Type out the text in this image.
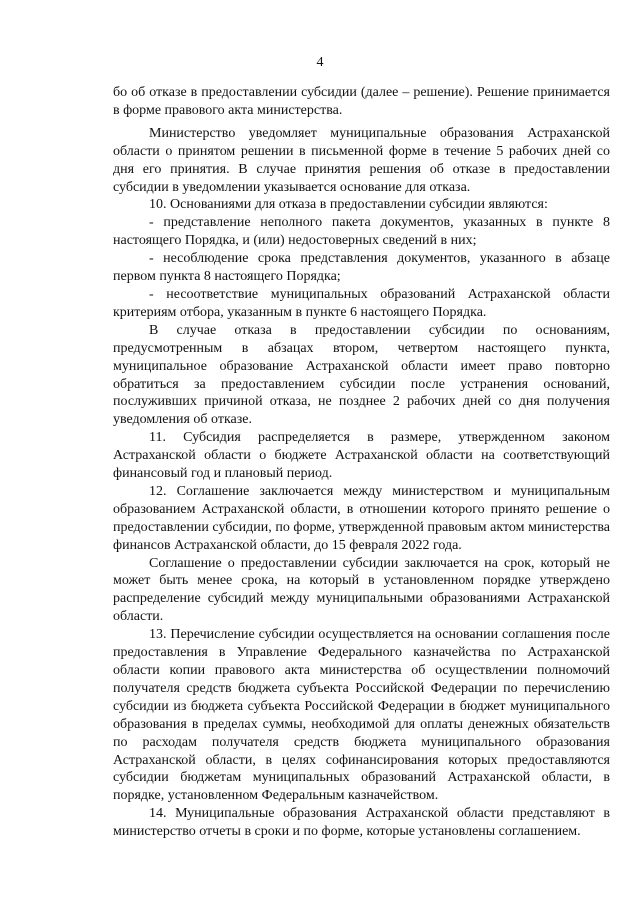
4

бо об отказе в предоставлении субсидии (далее – решение). Решение принимается в форме правового акта министерства.

Министерство уведомляет муниципальные образования Астраханской области о принятом решении в письменной форме в течение 5 рабочих дней со дня его принятия. В случае принятия решения об отказе в предоставлении субсидии в уведомлении указывается основание для отказа.

10. Основаниями для отказа в предоставлении субсидии являются:

- представление неполного пакета документов, указанных в пункте 8 настоящего Порядка, и (или) недостоверных сведений в них;

- несоблюдение срока представления документов, указанного в абзаце первом пункта 8 настоящего Порядка;

- несоответствие муниципальных образований Астраханской области критериям отбора, указанным в пункте 6 настоящего Порядка.

В случае отказа в предоставлении субсидии по основаниям, предусмотренным в абзацах втором, четвертом настоящего пункта, муниципальное образование Астраханской области имеет право повторно обратиться за предоставлением субсидии после устранения оснований, послуживших причиной отказа, не позднее 2 рабочих дней со дня получения уведомления об отказе.

11. Субсидия распределяется в размере, утвержденном законом Астраханской области о бюджете Астраханской области на соответствующий финансовый год и плановый период.

12. Соглашение заключается между министерством и муниципальным образованием Астраханской области, в отношении которого принято решение о предоставлении субсидии, по форме, утвержденной правовым актом министерства финансов Астраханской области, до 15 февраля 2022 года.

Соглашение о предоставлении субсидии заключается на срок, который не может быть менее срока, на который в установленном порядке утверждено распределение субсидий между муниципальными образованиями Астраханской области.

13. Перечисление субсидии осуществляется на основании соглашения после предоставления в Управление Федерального казначейства по Астраханской области копии правового акта министерства об осуществлении полномочий получателя средств бюджета субъекта Российской Федерации по перечислению субсидии из бюджета субъекта Российской Федерации в бюджет муниципального образования в пределах суммы, необходимой для оплаты денежных обязательств по расходам получателя средств бюджета муниципального образования Астраханской области, в целях софинансирования которых предоставляются субсидии бюджетам муниципальных образований Астраханской области, в порядке, установленном Федеральным казначейством.

14. Муниципальные образования Астраханской области представляют в министерство отчеты в сроки и по форме, которые установлены соглашением.
